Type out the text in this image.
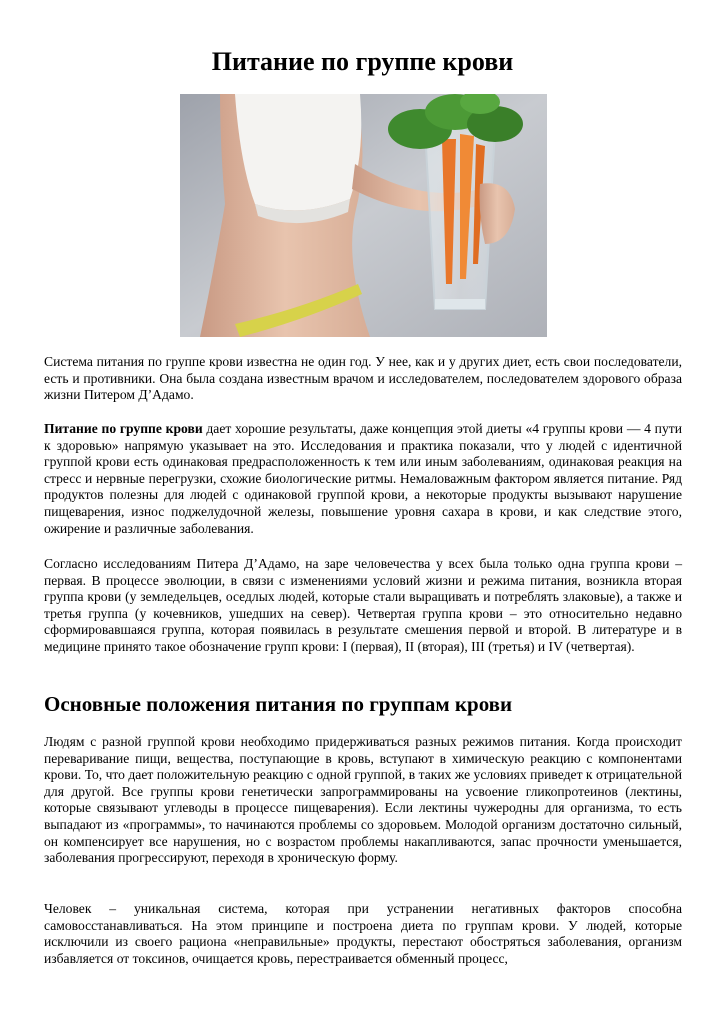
Питание по группе крови

Система питания по группе крови известна не один год. У нее, как и у других диет, есть свои последователи, есть и противники. Она была создана известным врачом и исследователем, последователем здорового образа жизни Питером Д’Адамо.

Питание по группе крови дает хорошие результаты, даже концепция этой диеты «4 группы крови — 4 пути к здоровью» напрямую указывает на это. Исследования и практика показали, что у людей с идентичной группой крови есть одинаковая предрасположенность к тем или иным заболеваниям, одинаковая реакция на стресс и нервные перегрузки, схожие биологические ритмы. Немаловажным фактором является питание. Ряд продуктов полезны для людей с одинаковой группой крови, а некоторые продукты вызывают нарушение пищеварения, износ поджелудочной железы, повышение уровня сахара в крови, и как следствие этого, ожирение и различные заболевания.

Согласно исследованиям Питера Д’Адамо, на заре человечества у всех была только одна группа крови – первая. В процессе эволюции, в связи с изменениями условий жизни и режима питания, возникла вторая группа крови (у земледельцев, оседлых людей, которые стали выращивать и потреблять злаковые), а также и третья группа (у кочевников, ушедших на север). Четвертая группа крови – это относительно недавно сформировавшаяся группа, которая появилась в результате смешения первой и второй. В литературе и в медицине принято такое обозначение групп крови: I (первая), II (вторая), III (третья) и IV (четвертая).

Основные положения питания по группам крови

Людям с разной группой крови необходимо придерживаться разных режимов питания. Когда происходит переваривание пищи, вещества, поступающие в кровь, вступают в химическую реакцию с компонентами крови. То, что дает положительную реакцию с одной группой, в таких же условиях приведет к отрицательной для другой. Все группы крови генетически запрограммированы на усвоение гликопротеинов (лектины, которые связывают углеводы в процессе пищеварения). Если лектины чужеродны для организма, то есть выпадают из «программы», то начинаются проблемы со здоровьем. Молодой организм достаточно сильный, он компенсирует все нарушения, но с возрастом проблемы накапливаются, запас прочности уменьшается, заболевания прогрессируют, переходя в хроническую форму.

Человек – уникальная система, которая при устранении негативных факторов способна самовосстанавливаться. На этом принципе и построена диета по группам крови. У людей, которые исключили из своего рациона «неправильные» продукты, перестают обостряться заболевания, организм избавляется от токсинов, очищается кровь, перестраивается обменный процесс,
